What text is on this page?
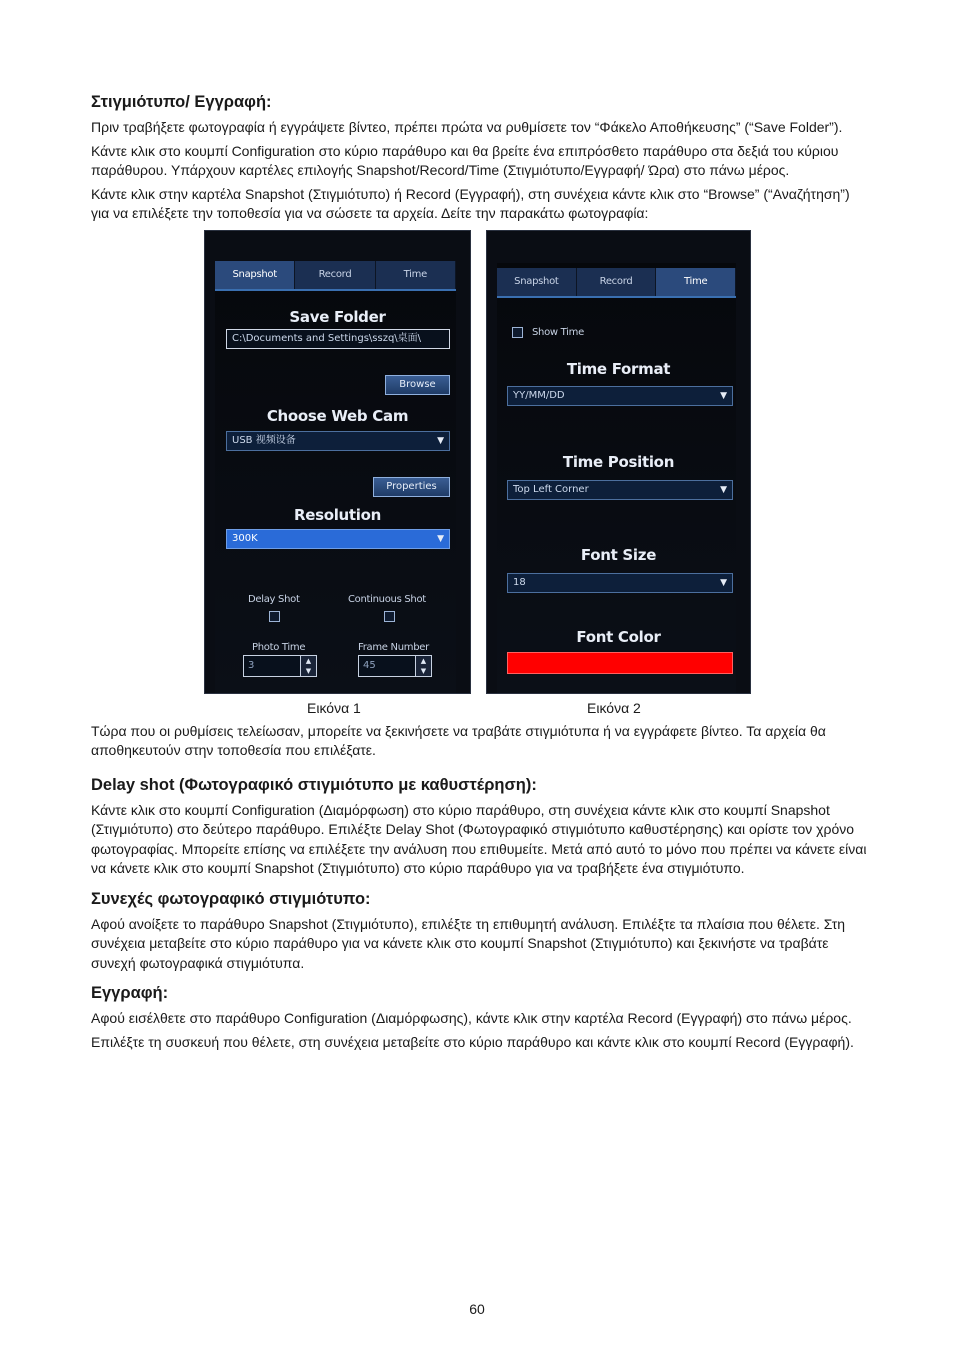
Στιγμιότυπο/ Εγγραφή:

Πριν τραβήξετε φωτογραφία ή εγγράψετε βίντεο, πρέπει πρώτα να ρυθμίσετε τον “Φάκελο Αποθήκευσης” (“Save Folder”).

Κάντε κλικ στο κουμπί Configuration στο κύριο παράθυρο και θα βρείτε ένα επιπρόσθετο παράθυρο στα δεξιά του κύριου παράθυρου. Υπάρχουν καρτέλες επιλογής Snapshot/Record/Time (Στιγμιότυπο/Εγγραφή/ Ώρα) στο πάνω μέρος.

Κάντε κλικ στην καρτέλα Snapshot (Στιγμιότυπο) ή Record (Εγγραφή), στη συνέχεια κάντε κλικ στο “Browse” (“Αναζήτηση”) για να επιλέξετε την τοποθεσία για να σώσετε τα αρχεία. Δείτε την παρακάτω φωτογραφία:

Snapshot	Record	Time
Save Folder
C:\Documents and Settings\sszq\桌面\
Browse
Choose Web Cam
USB 视频设备	▼
Properties
Resolution
300K	▼
Delay Shot	Continuous Shot
Photo Time
3	▲
▼
Frame Number
45	▲
▼
Snapshot	Record	Time
Show Time
Time Format
YY/MM/DD	▼
Time Position
Top Left Corner	▼
Font Size
18	▼
Font Color
Εικόνα 1	Εικόνα 2

Τώρα που οι ρυθμίσεις τελείωσαν, μπορείτε να ξεκινήσετε να τραβάτε στιγμιότυπα ή να εγγράφετε βίντεο. Τα αρχεία θα αποθηκευτούν στην τοποθεσία που επιλέξατε.

Delay shot (Φωτογραφικό στιγμιότυπο με καθυστέρηση):

Κάντε κλικ στο κουμπί Configuration (Διαμόρφωση) στο κύριο παράθυρο, στη συνέχεια κάντε κλικ στο κουμπί Snapshot (Στιγμιότυπο) στο δεύτερο παράθυρο. Επιλέξτε Delay Shot (Φωτογραφικό στιγμιότυπο καθυστέρησης) και ορίστε τον χρόνο φωτογραφίας. Μπορείτε επίσης να επιλέξετε την ανάλυση που επιθυμείτε. Μετά από αυτό το μόνο που πρέπει να κάνετε είναι να κάνετε κλικ στο κουμπί Snapshot (Στιγμιότυπο) στο κύριο παράθυρο για να τραβήξετε ένα στιγμιότυπο.

Συνεχές φωτογραφικό στιγμιότυπο:

Αφού ανοίξετε το παράθυρο Snapshot (Στιγμιότυπο), επιλέξτε τη επιθυμητή ανάλυση. Επιλέξτε τα πλαίσια που θέλετε. Στη συνέχεια μεταβείτε στο κύριο παράθυρο για να κάνετε κλικ στο κουμπί Snapshot (Στιγμιότυπο) και ξεκινήστε να τραβάτε συνεχή φωτογραφικά στιγμιότυπα.

Εγγραφή:

Αφού εισέλθετε στο παράθυρο Configuration (Διαμόρφωσης), κάντε κλικ στην καρτέλα Record (Εγγραφή) στο πάνω μέρος.

Επιλέξτε τη συσκευή που θέλετε, στη συνέχεια μεταβείτε στο κύριο παράθυρο και κάντε κλικ στο κουμπί Record (Εγγραφή).

60
